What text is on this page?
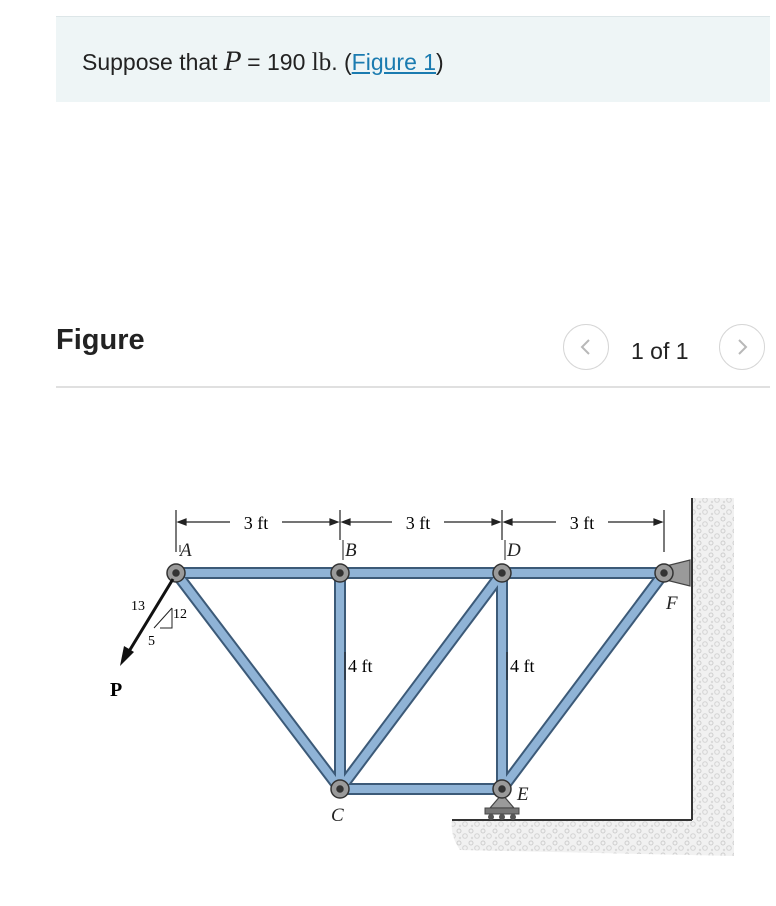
Suppose that P = 190 lb. (Figure 1)
Figure	1 of 1
3 ft	3 ft	3 ft
A	B
C
D
E
F
4 ft	4 ft
13
12
5
P
